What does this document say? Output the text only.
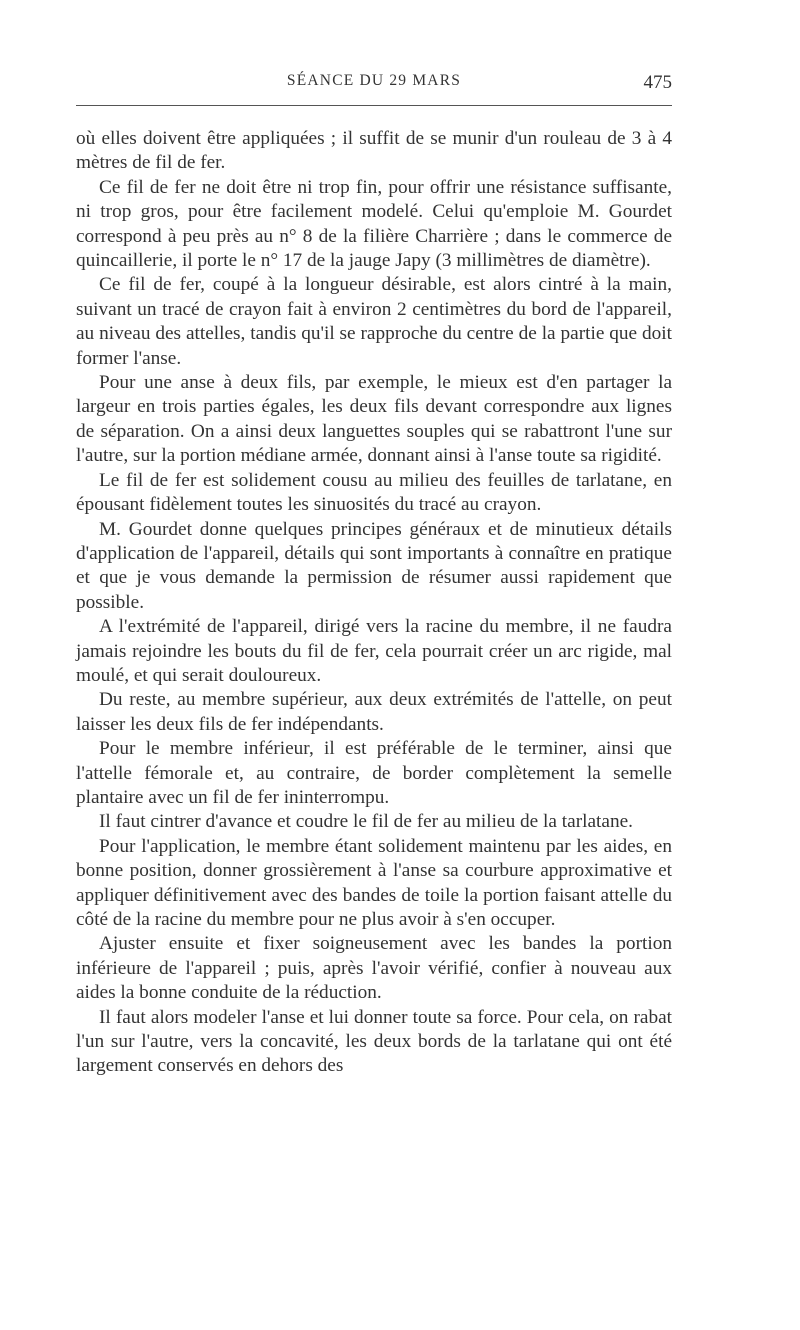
SÉANCE DU 29 MARS	475

où elles doivent être appliquées ; il suffit de se munir d'un rouleau de 3 à 4 mètres de fil de fer.

Ce fil de fer ne doit être ni trop fin, pour offrir une résistance suffisante, ni trop gros, pour être facilement modelé. Celui qu'emploie M. Gourdet correspond à peu près au n° 8 de la filière Charrière ; dans le commerce de quincaillerie, il porte le n° 17 de la jauge Japy (3 millimètres de diamètre).

Ce fil de fer, coupé à la longueur désirable, est alors cintré à la main, suivant un tracé de crayon fait à environ 2 centimètres du bord de l'appareil, au niveau des attelles, tandis qu'il se rapproche du centre de la partie que doit former l'anse.

Pour une anse à deux fils, par exemple, le mieux est d'en partager la largeur en trois parties égales, les deux fils devant correspondre aux lignes de séparation. On a ainsi deux languettes souples qui se rabattront l'une sur l'autre, sur la portion médiane armée, donnant ainsi à l'anse toute sa rigidité.

Le fil de fer est solidement cousu au milieu des feuilles de tarlatane, en épousant fidèlement toutes les sinuosités du tracé au crayon.

M. Gourdet donne quelques principes généraux et de minutieux détails d'application de l'appareil, détails qui sont importants à connaître en pratique et que je vous demande la permission de résumer aussi rapidement que possible.

A l'extrémité de l'appareil, dirigé vers la racine du membre, il ne faudra jamais rejoindre les bouts du fil de fer, cela pourrait créer un arc rigide, mal moulé, et qui serait douloureux.

Du reste, au membre supérieur, aux deux extrémités de l'attelle, on peut laisser les deux fils de fer indépendants.

Pour le membre inférieur, il est préférable de le terminer, ainsi que l'attelle fémorale et, au contraire, de border complètement la semelle plantaire avec un fil de fer ininterrompu.

Il faut cintrer d'avance et coudre le fil de fer au milieu de la tarlatane.

Pour l'application, le membre étant solidement maintenu par les aides, en bonne position, donner grossièrement à l'anse sa courbure approximative et appliquer définitivement avec des bandes de toile la portion faisant attelle du côté de la racine du membre pour ne plus avoir à s'en occuper.

Ajuster ensuite et fixer soigneusement avec les bandes la portion inférieure de l'appareil ; puis, après l'avoir vérifié, confier à nouveau aux aides la bonne conduite de la réduction.

Il faut alors modeler l'anse et lui donner toute sa force. Pour cela, on rabat l'un sur l'autre, vers la concavité, les deux bords de la tarlatane qui ont été largement conservés en dehors des
